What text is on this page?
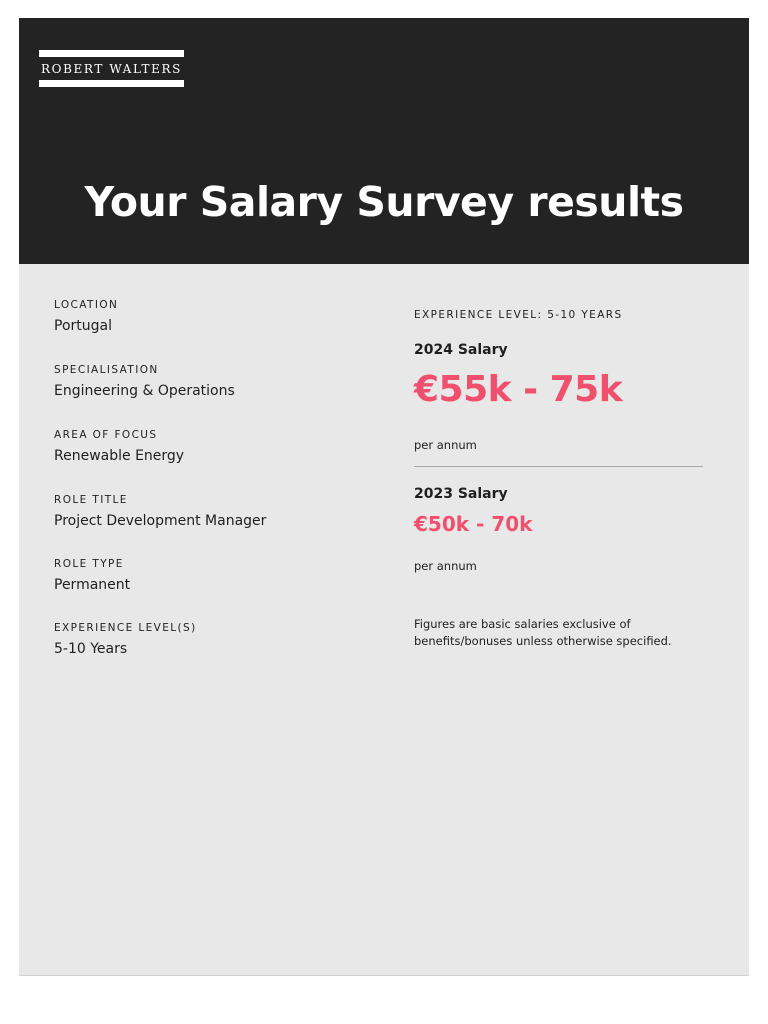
ROBERT WALTERS
Your Salary Survey results
LOCATION
Portugal
SPECIALISATION
Engineering & Operations
AREA OF FOCUS
Renewable Energy
ROLE TITLE
Project Development Manager
ROLE TYPE
Permanent
EXPERIENCE LEVEL(S)
5-10 Years
EXPERIENCE LEVEL: 5-10 YEARS
2024 Salary
€55k - 75k
per annum
2023 Salary
€50k - 70k
per annum
Figures are basic salaries exclusive of benefits/bonuses unless otherwise specified.
